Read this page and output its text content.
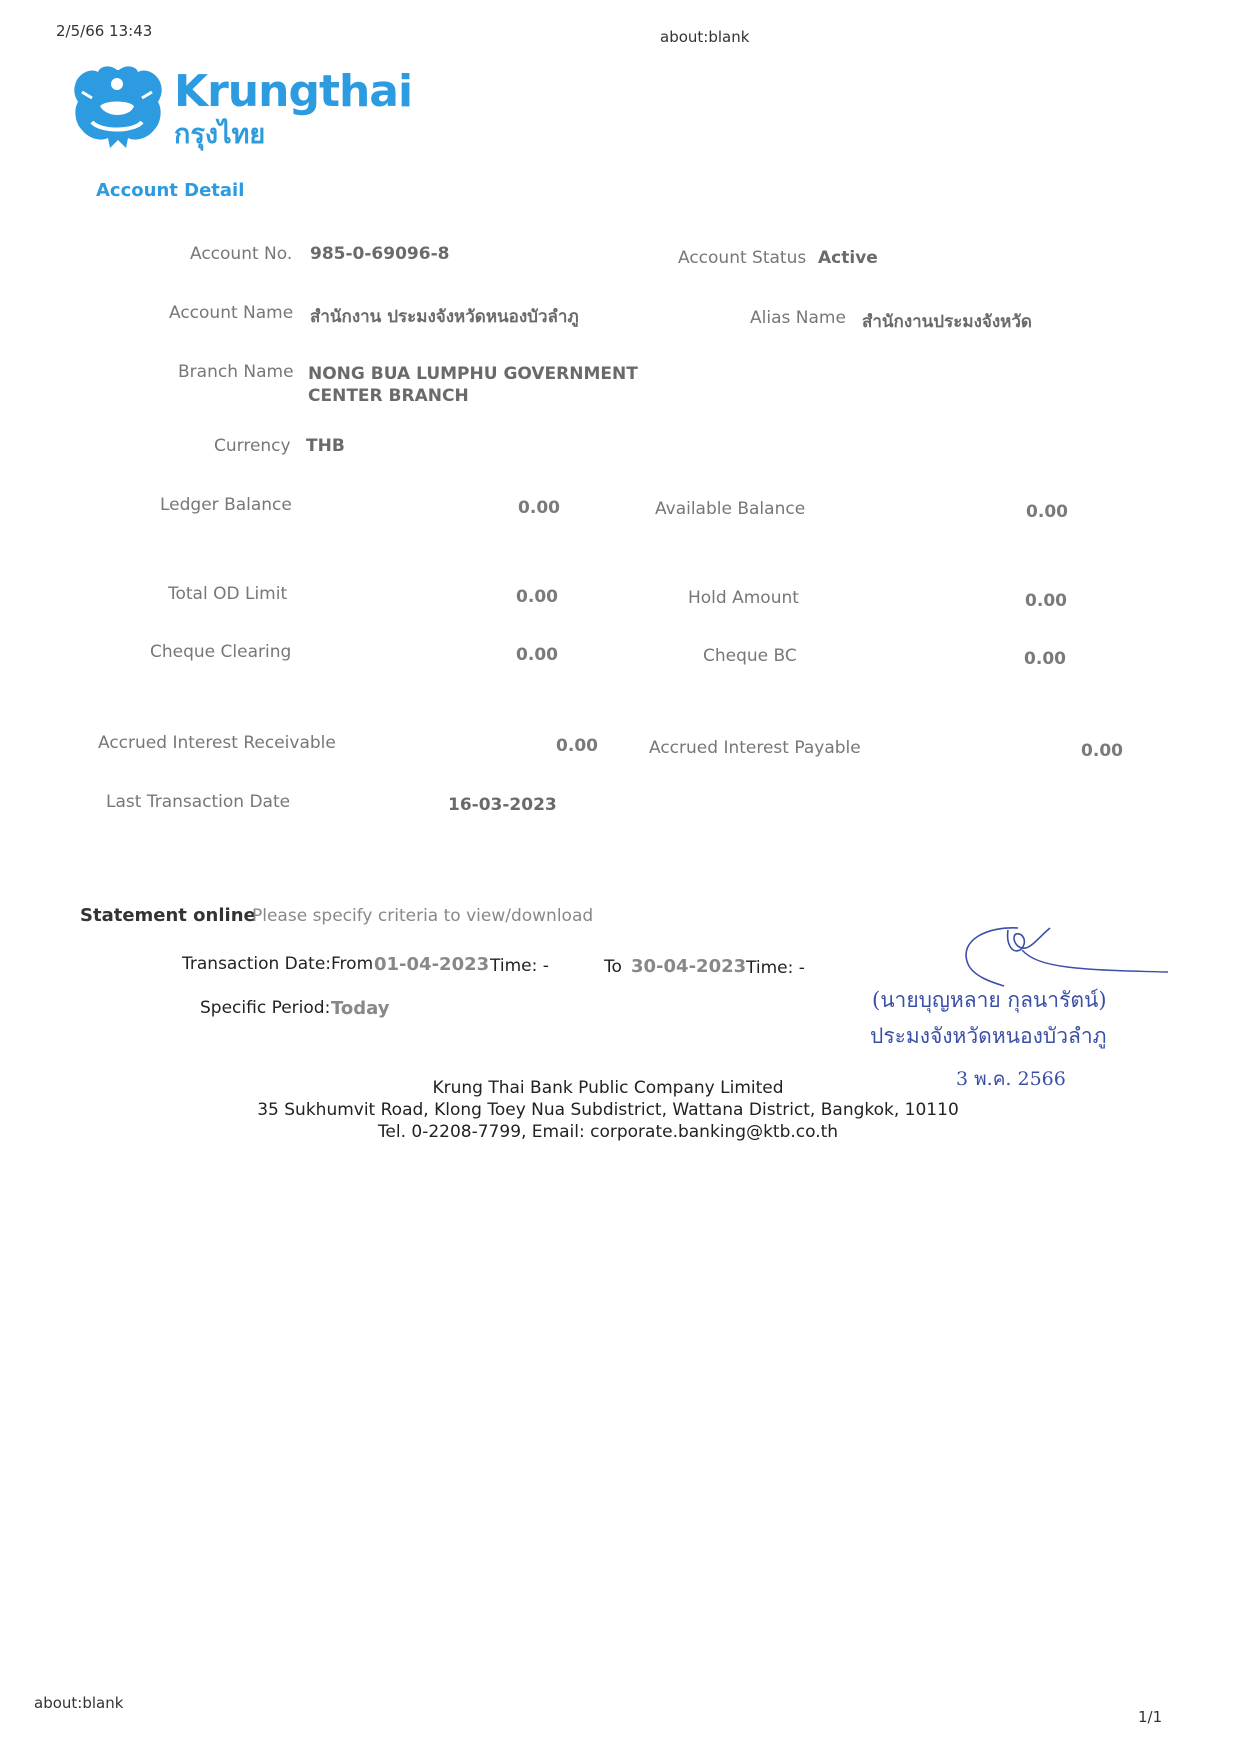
2/5/66 13:43	about:blank
Krungthai
กรุงไทย
Account Detail
Account No. 985-0-69096-8	Account Status Active
Account Name สำนักงาน ประมงจังหวัดหนองบัวลำภู	Alias Name สำนักงานประมงจังหวัด
Branch Name NONG BUA LUMPHU GOVERNMENT
CENTER BRANCH
Currency THB
Ledger Balance	0.00	Available Balance	0.00
Total OD Limit	0.00	Hold Amount	0.00
Cheque Clearing	0.00	Cheque BC	0.00
Accrued Interest Receivable	0.00	Accrued Interest Payable	0.00
Last Transaction Date	16-03-2023
Statement online
Please specify criteria to view/download
Transaction Date:From 01-04-2023 Time: -	To 30-04-2023 Time: -
Specific Period: Today	(นายบุญหลาย กุลนารัตน์)
ประมงจังหวัดหนองบัวลำภู
3 พ.ค. 2566
Krung Thai Bank Public Company Limited
35 Sukhumvit Road, Klong Toey Nua Subdistrict, Wattana District, Bangkok, 10110
Tel. 0-2208-7799, Email: corporate.banking@ktb.co.th
about:blank
1/1
